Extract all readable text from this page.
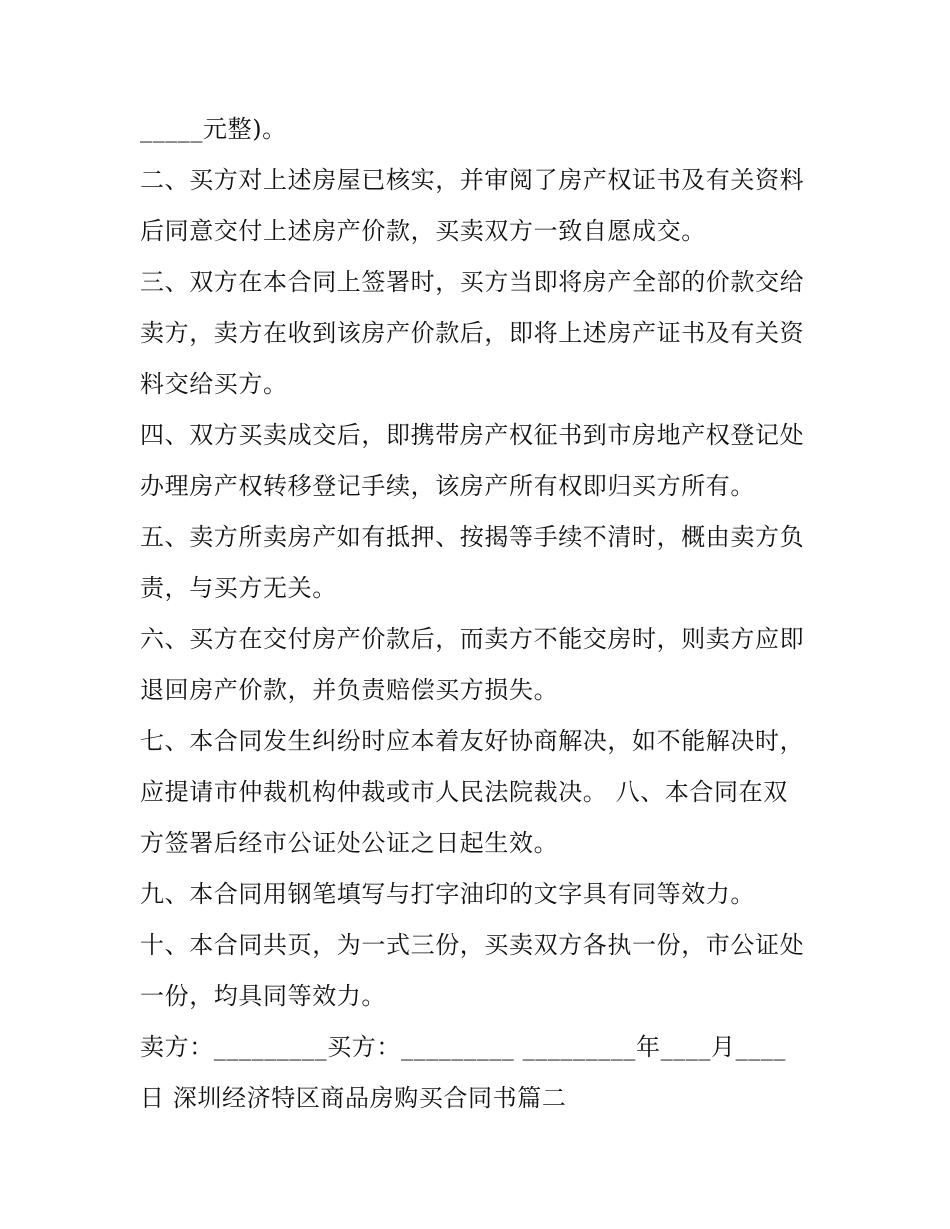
_____元整)。
二、买方对上述房屋已核实，并审阅了房产权证书及有关资料
后同意交付上述房产价款，买卖双方一致自愿成交。
三、双方在本合同上签署时，买方当即将房产全部的价款交给
卖方，卖方在收到该房产价款后，即将上述房产证书及有关资
料交给买方。
四、双方买卖成交后，即携带房产权征书到市房地产权登记处
办理房产权转移登记手续，该房产所有权即归买方所有。
五、卖方所卖房产如有抵押、按揭等手续不清时，概由卖方负
责，与买方无关。
六、买方在交付房产价款后，而卖方不能交房时，则卖方应即
退回房产价款，并负责赔偿买方损失。
七、本合同发生纠纷时应本着友好协商解决，如不能解决时，
应提请市仲裁机构仲裁或市人民法院裁决。 八、本合同在双
方签署后经市公证处公证之日起生效。
九、本合同用钢笔填写与打字油印的文字具有同等效力。
十、本合同共页，为一式三份，买卖双方各执一份，市公证处
一份，均具同等效力。
卖方：_________买方：_________ _________年____月____
日 深圳经济特区商品房购买合同书篇二
